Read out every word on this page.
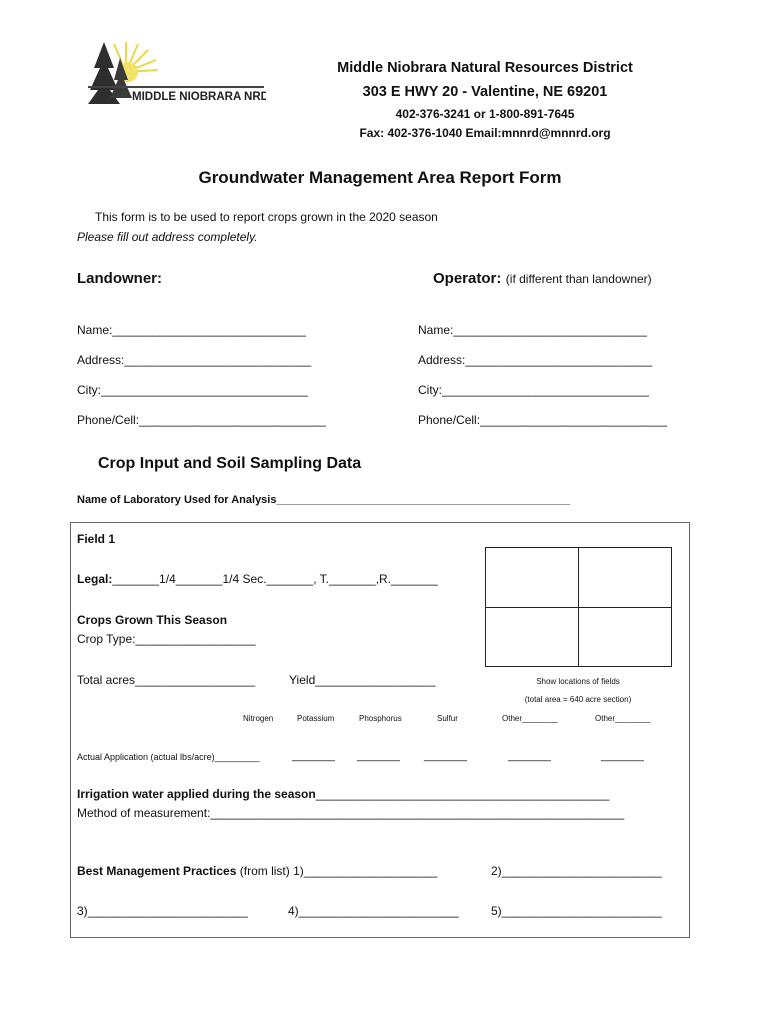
MIDDLE NIOBRARA NRD
Middle Niobrara Natural Resources District
303 E HWY 20 - Valentine, NE 69201
402-376-3241 or 1-800-891-7645
Fax: 402-376-1040 Email:mnnrd@mnnrd.org
Groundwater Management Area Report Form
This form is to be used to report crops grown in the 2020 season
Please fill out address completely.
Landowner:
Name:_____________________________
Address:____________________________
City:_______________________________
Phone/Cell:____________________________
Operator: (if different than landowner)
Name:_____________________________
Address:____________________________
City:_______________________________
Phone/Cell:____________________________
Crop Input and Soil Sampling Data
Name of Laboratory Used for Analysis________________________________________________
Field 1
Legal:_______1/4_______1/4 Sec._______, T._______,R._______
Crops Grown This Season
Crop Type:__________________
Total acres__________________	Yield__________________	Show locations of fields
(total area = 640 acre section)
Nitrogen	Potassium	Phosphorus	Sulfur	Other________	Other________
Actual Application (actual lbs/acre)_________	_______ _______ _______	_______	_______
Irrigation water applied during the season____________________________________________
Method of measurement:______________________________________________________________
Best Management Practices (from list) 1)____________________	2)________________________
3)________________________	4)________________________	5)________________________
